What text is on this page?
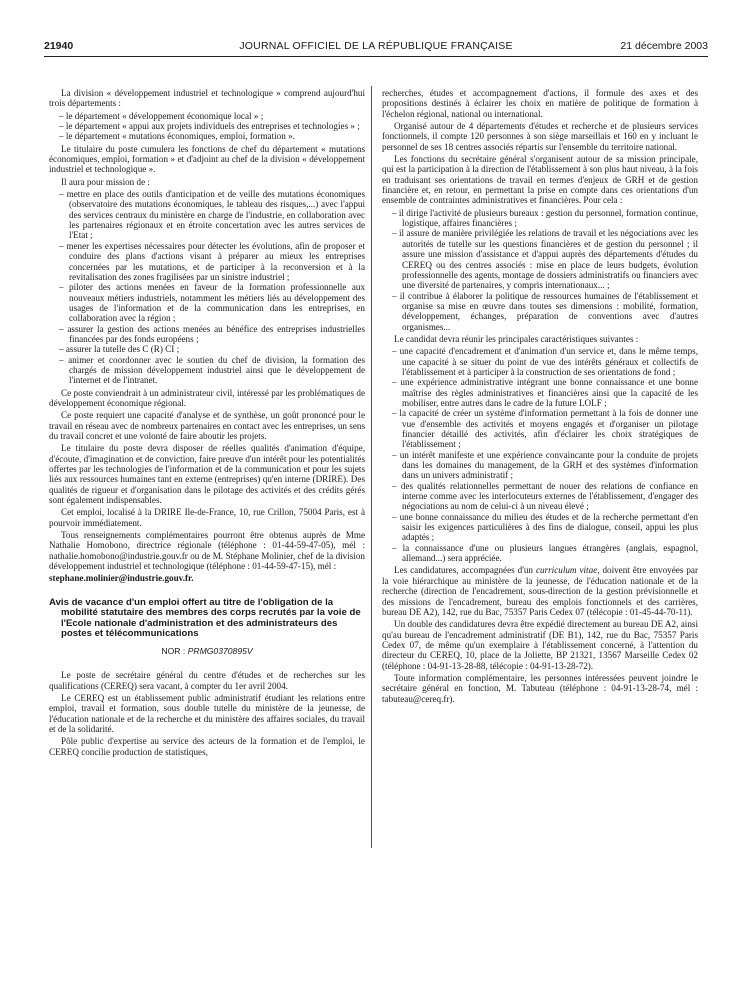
21940	JOURNAL OFFICIEL DE LA RÉPUBLIQUE FRANÇAISE	21 décembre 2003

La division « développement industriel et technologique » comprend aujourd'hui trois départements :

– le département « développement économique local » ;
– le département « appui aux projets individuels des entreprises et technologies » ;
– le département « mutations économiques, emploi, formation ».

Le titulaire du poste cumulera les fonctions de chef du département « mutations économiques, emploi, formation » et d'adjoint au chef de la division « développement industriel et technologique ».

Il aura pour mission de :

– mettre en place des outils d'anticipation et de veille des mutations économiques (observatoire des mutations économiques, le tableau des risques,...) avec l'appui des services centraux du ministère en charge de l'industrie, en collaboration avec les partenaires régionaux et en étroite concertation avec les autres services de l'Etat ;
– mener les expertises nécessaires pour détecter les évolutions, afin de proposer et conduire des plans d'actions visant à préparer au mieux les entreprises concernées par les mutations, et de participer à la reconversion et à la revitalisation des zones fragilisées par un sinistre industriel ;
– piloter des actions menées en faveur de la formation professionnelle aux nouveaux métiers industriels, notamment les métiers liés au développement des usages de l'information et de la communication dans les entreprises, en collaboration avec la région ;
– assurer la gestion des actions menées au bénéfice des entreprises industrielles financées par des fonds européens ;
– assurer la tutelle des C (R) CI ;
– animer et coordonner avec le soutien du chef de division, la formation des chargés de mission développement industriel ainsi que le développement de l'internet et de l'intranet.

Ce poste conviendrait à un administrateur civil, intéressé par les problématiques de développement économique régional.

Ce poste requiert une capacité d'analyse et de synthèse, un goût prononcé pour le travail en réseau avec de nombreux partenaires en contact avec les entreprises, un sens du travail concret et une volonté de faire aboutir les projets.

Le titulaire du poste devra disposer de réelles qualités d'animation d'équipe, d'écoute, d'imagination et de conviction, faire preuve d'un intérêt pour les potentialités offertes par les technologies de l'information et de la communication et pour les sujets liés aux ressources humaines tant en externe (entreprises) qu'en interne (DRIRE). Des qualités de rigueur et d'organisation dans le pilotage des activités et des crédits gérés sont également indispensables.

Cet emploi, localisé à la DRIRE Ile-de-France, 10, rue Crillon, 75004 Paris, est à pourvoir immédiatement.

Tous renseignements complémentaires pourront être obtenus auprès de Mme Nathalie Homobono, directrice régionale (téléphone : 01-44-59-47-05), mél : nathalie.homobono@industrie.gouv.fr ou de M. Stéphane Molinier, chef de la division développement industriel et technologique (téléphone : 01-44-59-47-15), mél :

stephane.molinier@industrie.gouv.fr.

Avis de vacance d'un emploi offert au titre de l'obligation de la mobilité statutaire des membres des corps recrutés par la voie de l'Ecole nationale d'administration et des administrateurs des postes et télécommunications
NOR : PRMG0370895V

Le poste de secrétaire général du centre d'études et de recherches sur les qualifications (CEREQ) sera vacant, à compter du 1er avril 2004.

Le CEREQ est un établissement public administratif étudiant les relations entre emploi, travail et formation, sous double tutelle du ministère de la jeunesse, de l'éducation nationale et de la recherche et du ministère des affaires sociales, du travail et de la solidarité.

Pôle public d'expertise au service des acteurs de la formation et de l'emploi, le CEREQ concilie production de statistiques,

recherches, études et accompagnement d'actions, il formule des axes et des propositions destinés à éclairer les choix en matière de politique de formation à l'échelon régional, national ou international.

Organisé autour de 4 départements d'études et recherche et de plusieurs services fonctionnels, il compte 120 personnes à son siège marseillais et 160 en y incluant le personnel de ses 18 centres associés répartis sur l'ensemble du territoire national.

Les fonctions du secrétaire général s'organisent autour de sa mission principale, qui est la participation à la direction de l'établissement à son plus haut niveau, à la fois en traduisant ses orientations de travail en termes d'enjeux de GRH et de gestion financière et, en retour, en permettant la prise en compte dans ces orientations d'un ensemble de contraintes administratives et financières. Pour cela :

– il dirige l'activité de plusieurs bureaux : gestion du personnel, formation continue, logistique, affaires financières ;
– il assure de manière privilégiée les relations de travail et les négociations avec les autorités de tutelle sur les questions financières et de gestion du personnel ; il assure une mission d'assistance et d'appui auprès des départements d'études du CEREQ ou des centres associés : mise en place de leurs budgets, évolution professionnelle des agents, montage de dossiers administratifs ou financiers avec une diversité de partenaires, y compris internationaux... ;
– il contribue à élaborer la politique de ressources humaines de l'établissement et organise sa mise en œuvre dans toutes ses dimensions : mobilité, formation, développement, échanges, préparation de conventions avec d'autres organismes...

Le candidat devra réunir les principales caractéristiques suivantes :

– une capacité d'encadrement et d'animation d'un service et, dans le même temps, une capacité à se situer du point de vue des intérêts généraux et collectifs de l'établissement et à participer à la construction de ses orientations de fond ;
– une expérience administrative intégrant une bonne connaissance et une bonne maîtrise des règles administratives et financières ainsi que la capacité de les mobiliser, entre autres dans le cadre de la future LOLF ;
– la capacité de créer un système d'information permettant à la fois de donner une vue d'ensemble des activités et moyens engagés et d'organiser un pilotage financier détaillé des activités, afin d'éclairer les choix stratégiques de l'établissement ;
– un intérêt manifeste et une expérience convaincante pour la conduite de projets dans les domaines du management, de la GRH et des systèmes d'information dans un univers administratif ;
– des qualités relationnelles permettant de nouer des relations de confiance en interne comme avec les interlocuteurs externes de l'établissement, d'engager des négociations au nom de celui-ci à un niveau élevé ;
– une bonne connaissance du milieu des études et de la recherche permettant d'en saisir les exigences particulières à des fins de dialogue, conseil, appui les plus adaptés ;
– la connaissance d'une ou plusieurs langues étrangères (anglais, espagnol, allemand...) sera appréciée.

Les candidatures, accompagnées d'un curriculum vitae, doivent être envoyées par la voie hiérarchique au ministère de la jeunesse, de l'éducation nationale et de la recherche (direction de l'encadrement, sous-direction de la gestion prévisionnelle et des missions de l'encadrement, bureau des emplois fonctionnels et des carrières, bureau DE A2), 142, rue du Bac, 75357 Paris Cedex 07 (télécopie : 01-45-44-70-11).

Un double des candidatures devra être expédié directement au bureau DE A2, ainsi qu'au bureau de l'encadrement administratif (DE B1), 142, rue du Bac, 75357 Paris Cedex 07, de même qu'un exemplaire à l'établissement concerné, à l'attention du directeur du CEREQ, 10, place de la Joliette, BP 21321, 13567 Marseille Cedex 02 (téléphone : 04-91-13-28-88, télécopie : 04-91-13-28-72).

Toute information complémentaire, les personnes intéressées peuvent joindre le secrétaire général en fonction, M. Tabuteau (téléphone : 04-91-13-28-74, mél : tabuteau@cereq.fr).
